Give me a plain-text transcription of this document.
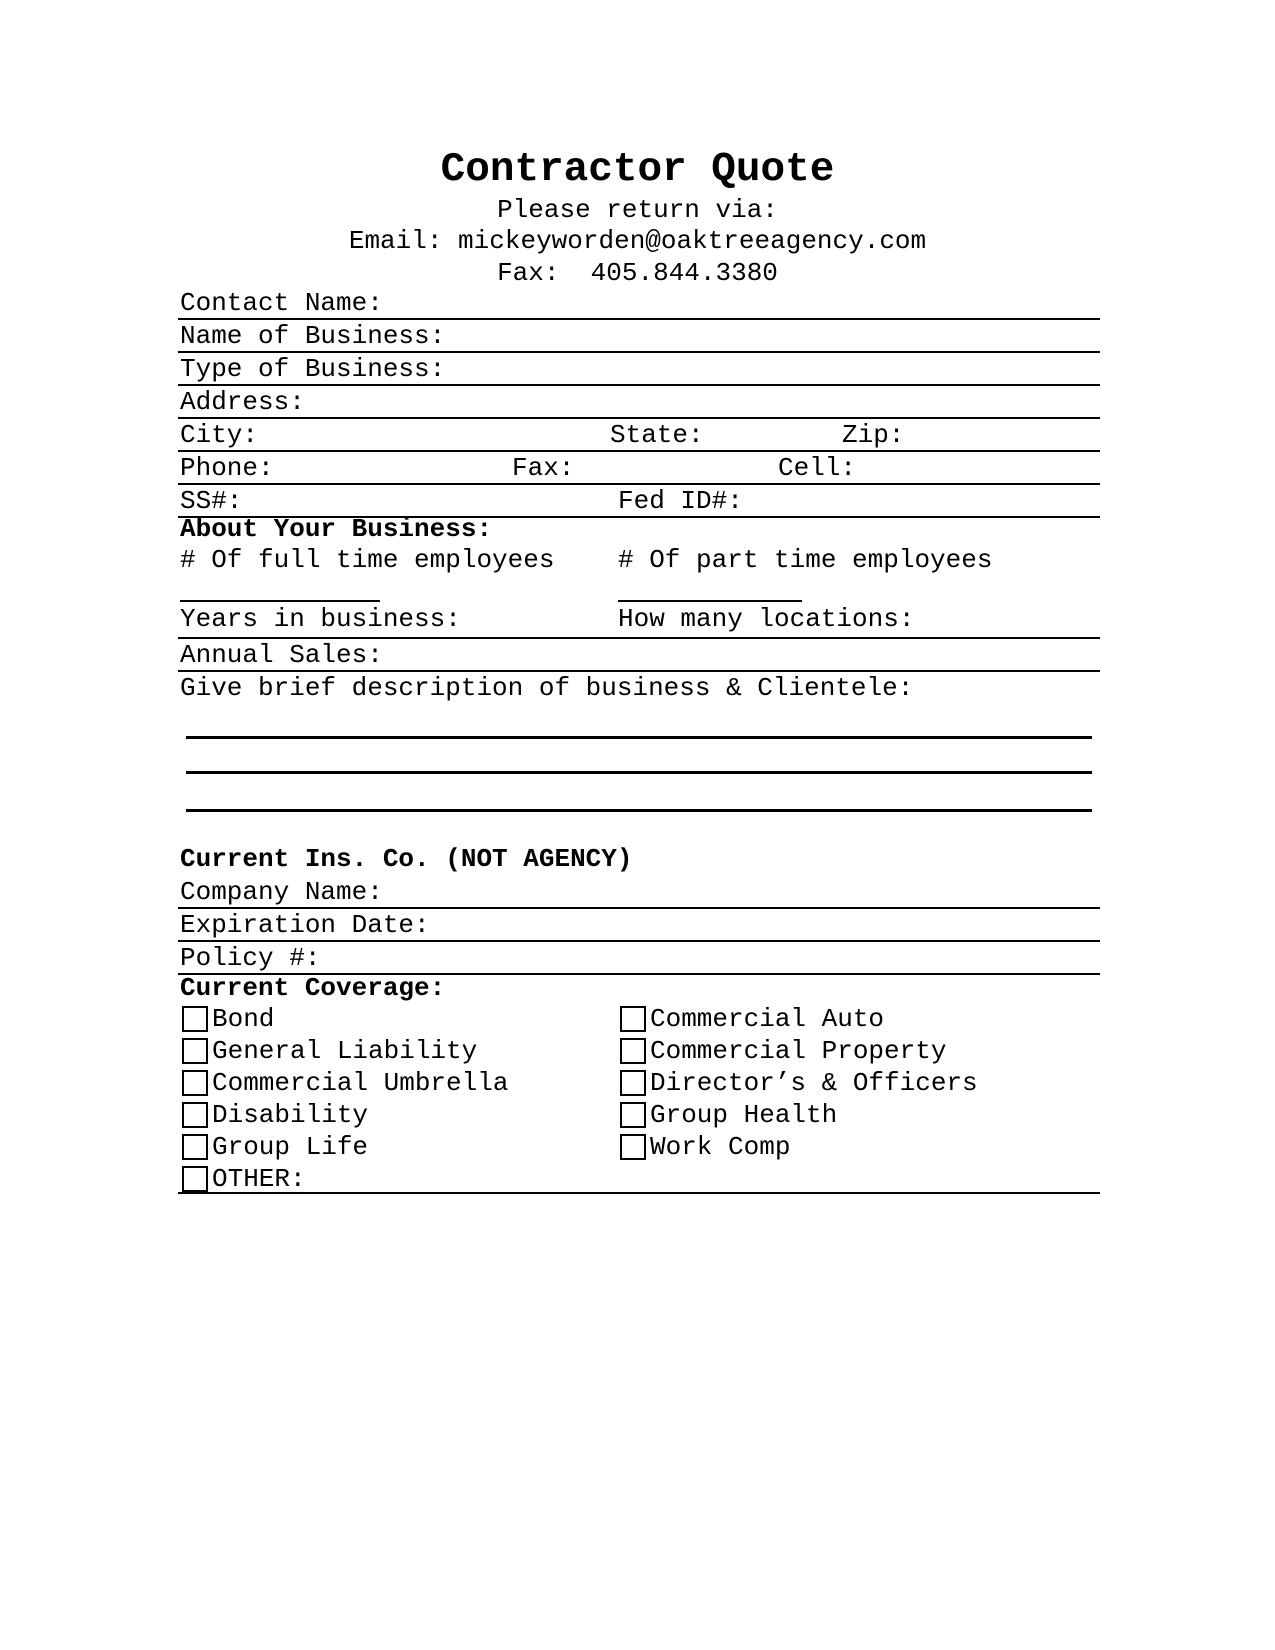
Contractor Quote
Please return via:
Email: mickeyworden@oaktreeagency.com
Fax:  405.844.3380
Contact Name:
Name of Business:
Type of Business:
Address:
City:	State:	Zip:
Phone:	Fax:	Cell:
SS#:	Fed ID#:
About Your Business:
# Of full time employees # Of part time employees
Years in business:	How many locations:
Annual Sales:
Give brief description of business & Clientele:
Current Ins. Co. (NOT AGENCY)
Company Name:
Expiration Date:
Policy #:
Current Coverage:
Bond	Commercial Auto
General Liability	Commercial Property
Commercial Umbrella	Director’s & Officers
Disability	Group Health
Group Life	Work Comp
OTHER:
